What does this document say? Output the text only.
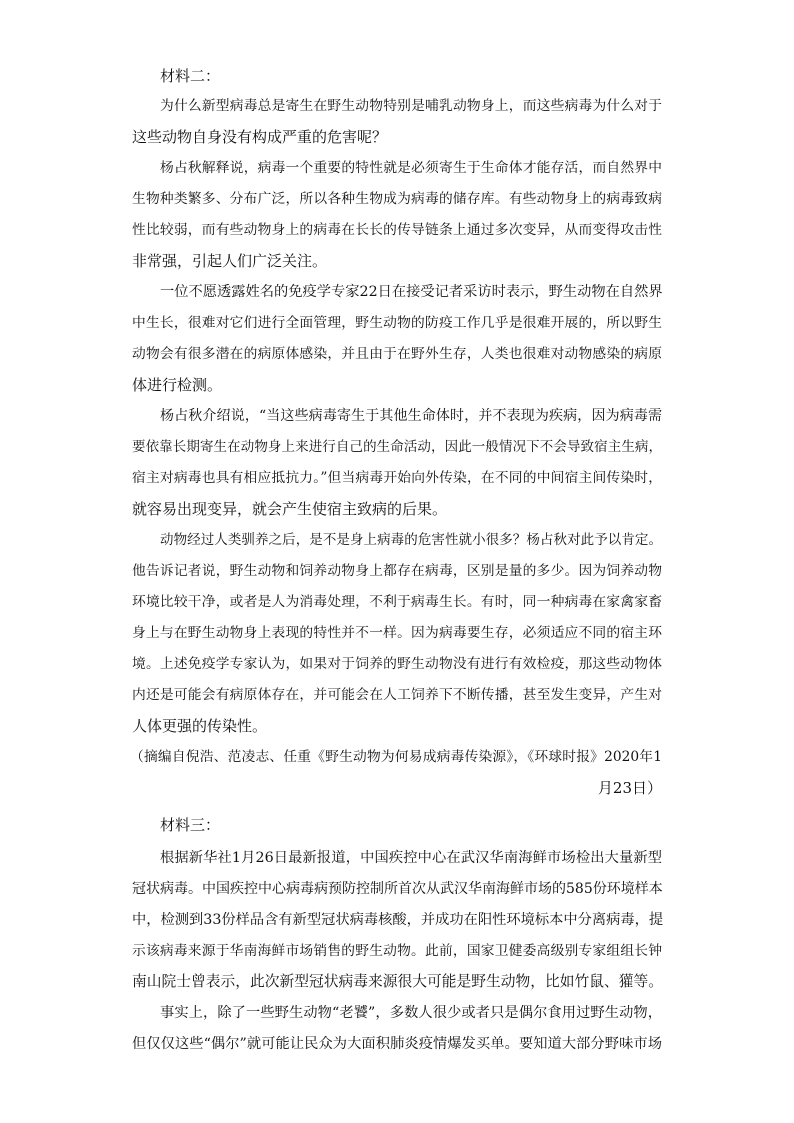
材料二：
为什么新型病毒总是寄生在野生动物特别是哺乳动物身上，而这些病毒为什么对于
这些动物自身没有构成严重的危害呢？
杨占秋解释说，病毒一个重要的特性就是必须寄生于生命体才能存活，而自然界中
生物种类繁多、分布广泛，所以各种生物成为病毒的储存库。有些动物身上的病毒致病
性比较弱，而有些动物身上的病毒在长长的传导链条上通过多次变异，从而变得攻击性
非常强，引起人们广泛关注。
一位不愿透露姓名的免疫学专家22日在接受记者采访时表示，野生动物在自然界
中生长，很难对它们进行全面管理，野生动物的防疫工作几乎是很难开展的，所以野生
动物会有很多潜在的病原体感染，并且由于在野外生存，人类也很难对动物感染的病原
体进行检测。
杨占秋介绍说，“当这些病毒寄生于其他生命体时，并不表现为疾病，因为病毒需
要依靠长期寄生在动物身上来进行自己的生命活动，因此一般情况下不会导致宿主生病，
宿主对病毒也具有相应抵抗力。”但当病毒开始向外传染，在不同的中间宿主间传染时，
就容易出现变异，就会产生使宿主致病的后果。
动物经过人类驯养之后，是不是身上病毒的危害性就小很多？杨占秋对此予以肯定。
他告诉记者说，野生动物和饲养动物身上都存在病毒，区别是量的多少。因为饲养动物
环境比较干净，或者是人为消毒处理，不利于病毒生长。有时，同一种病毒在家禽家畜
身上与在野生动物身上表现的特性并不一样。因为病毒要生存，必须适应不同的宿主环
境。上述免疫学专家认为，如果对于饲养的野生动物没有进行有效检疫，那这些动物体
内还是可能会有病原体存在，并可能会在人工饲养下不断传播，甚至发生变异，产生对
人体更强的传染性。
（摘编自倪浩、范凌志、任重《野生动物为何易成病毒传染源》，《环球时报》2020年1
月23日）
材料三：
根据新华社1月26日最新报道，中国疾控中心在武汉华南海鲜市场检出大量新型
冠状病毒。中国疾控中心病毒病预防控制所首次从武汉华南海鲜市场的585份环境样本
中，检测到33份样品含有新型冠状病毒核酸，并成功在阳性环境标本中分离病毒，提
示该病毒来源于华南海鲜市场销售的野生动物。此前，国家卫健委高级别专家组组长钟
南山院士曾表示，此次新型冠状病毒来源很大可能是野生动物，比如竹鼠、獾等。
事实上，除了一些野生动物“老饕”，多数人很少或者只是偶尔食用过野生动物，
但仅仅这些“偶尔”就可能让民众为大面积肺炎疫情爆发买单。要知道大部分野味市场
